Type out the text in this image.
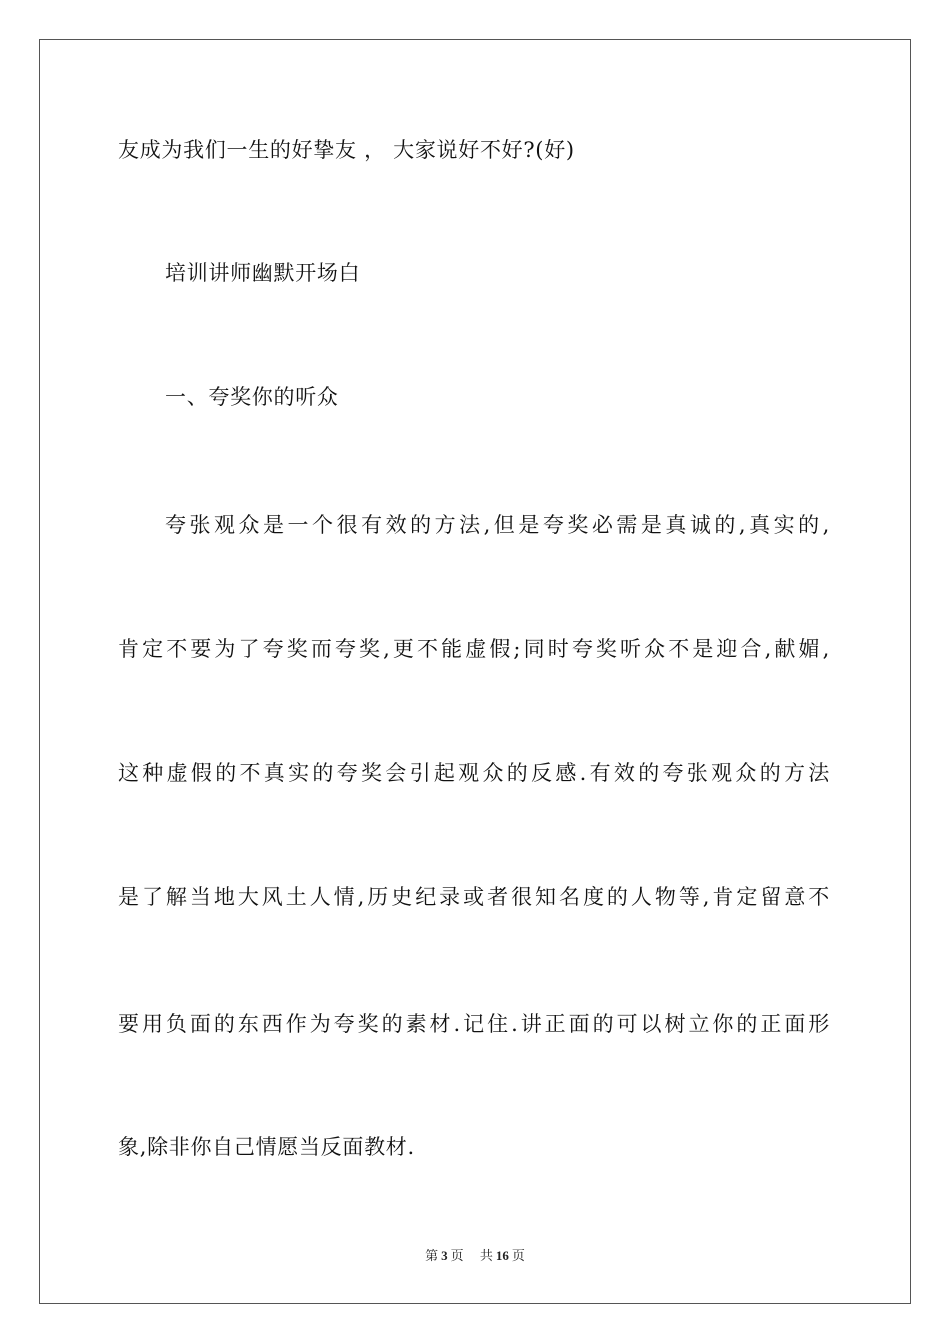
友成为我们一生的好挚友 ， 大家说好不好?(好)
培训讲师幽默开场白
一、夸奖你的听众
夸张观众是一个很有效的方法,但是夸奖必需是真诚的,真实的,
肯定不要为了夸奖而夸奖,更不能虚假;同时夸奖听众不是迎合,献媚,
这种虚假的不真实的夸奖会引起观众的反感.有效的夸张观众的方法
是了解当地大风土人情,历史纪录或者很知名度的人物等,肯定留意不
要用负面的东西作为夸奖的素材.记住.讲正面的可以树立你的正面形
象,除非你自己情愿当反面教材.
第 3 页 共 16 页
